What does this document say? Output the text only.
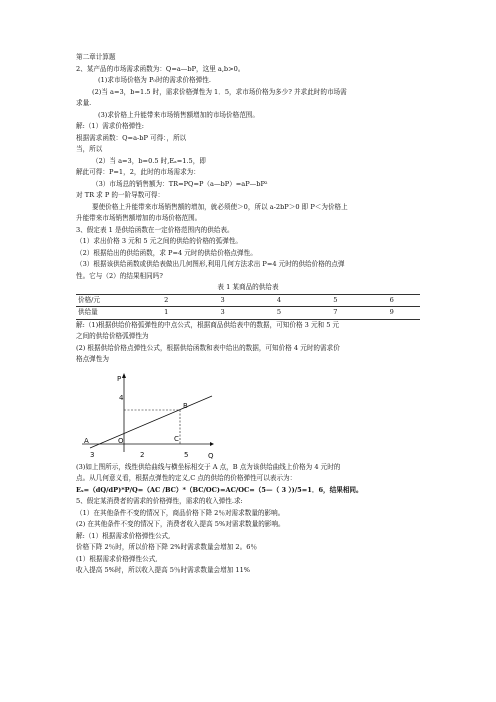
第二章计算题
2、某产品的市场需求函数为：Q=a—bP，这里 a,b>0。
(1)求市场价格为 P₀时的需求价格弹性.
(2)当 a=3，b=1.5 时，需求价格弹性为 1．5，求市场价格为多少? 并求此时的市场需
求量.
(3)求价格上升能带来市场销售额增加的市场价格范围。
解:（1）需求价格弹性:
根据需求函数：Q=a-bP 可得：，所以
当，所以
（2）当 a=3，b=0.5 时,Eₐ=1.5，即
解此可得：P=1，2，此时的市场需求为：
（3）市场总的销售额为：TR=PQ=P（a—bP）=aP—bP²
对 TR 求 P 的一阶导数可得：
要使价格上升能带来市场销售额的增加，就必须使＞0，所以 a-2bP＞0 即 P＜为价格上
升能带来市场销售额增加的市场价格范围。
3、假定表 1 是供给函数在一定价格范围内的供给表。
（1）求出价格 3 元和 5 元之间的供给的价格的弧弹性。
（2）根据给出的供给函数，求 P=4 元时的供给价格点弹性。
（3）根据该供给函数或供给表做出几何图形,利用几何方法求出 P=4 元时的供给价格的点弹
性。它与（2）的结果相同吗?
表 1 某商品的供给表
价格/元	2	3	4	5	6
供给量	1	3	5	7	9
解:（1)根据供给价格弧弹性的中点公式，根据商品供给表中的数据，可知价格 3 元和 5 元
之间的供给价格弧弹性为
(2) 根据供给价格点弹性公式，根据供给函数和表中给出的数据，可知价格 4 元时的需求价
格点弹性为
P
4
B
A	O	C
3	2	5	Q
(3)如上图所示，线性供给曲线与横坐标相交于 A 点，B 点为该供给曲线上价格为 4 元时的
点。从几何意义看，根据点弹性的定义,C 点的供给的价格弹性可以表示为：
Eₛ=（dQ/dP)*P/Q=（AC /BC）*（BC/OC)=AC/OC=（5—（ 3 ）)/5=1．6，结果相同。
5、假定某消费者的需求的价格弹性，需求的收入弹性.求:
（1）在其他条件不变的情况下，商品价格下降 2％对需求数量的影响。
(2) 在其他条件不变的情况下，消费者收入提高 5%对需求数量的影响。
解:（1）根据需求价格弹性公式,
价格下降 2％时，所以价格下降 2%时需求数量会增加 2。6％
(1）根据需求价格弹性公式,
收入提高 5%时，所以收入提高 5％时需求数量会增加 11%
